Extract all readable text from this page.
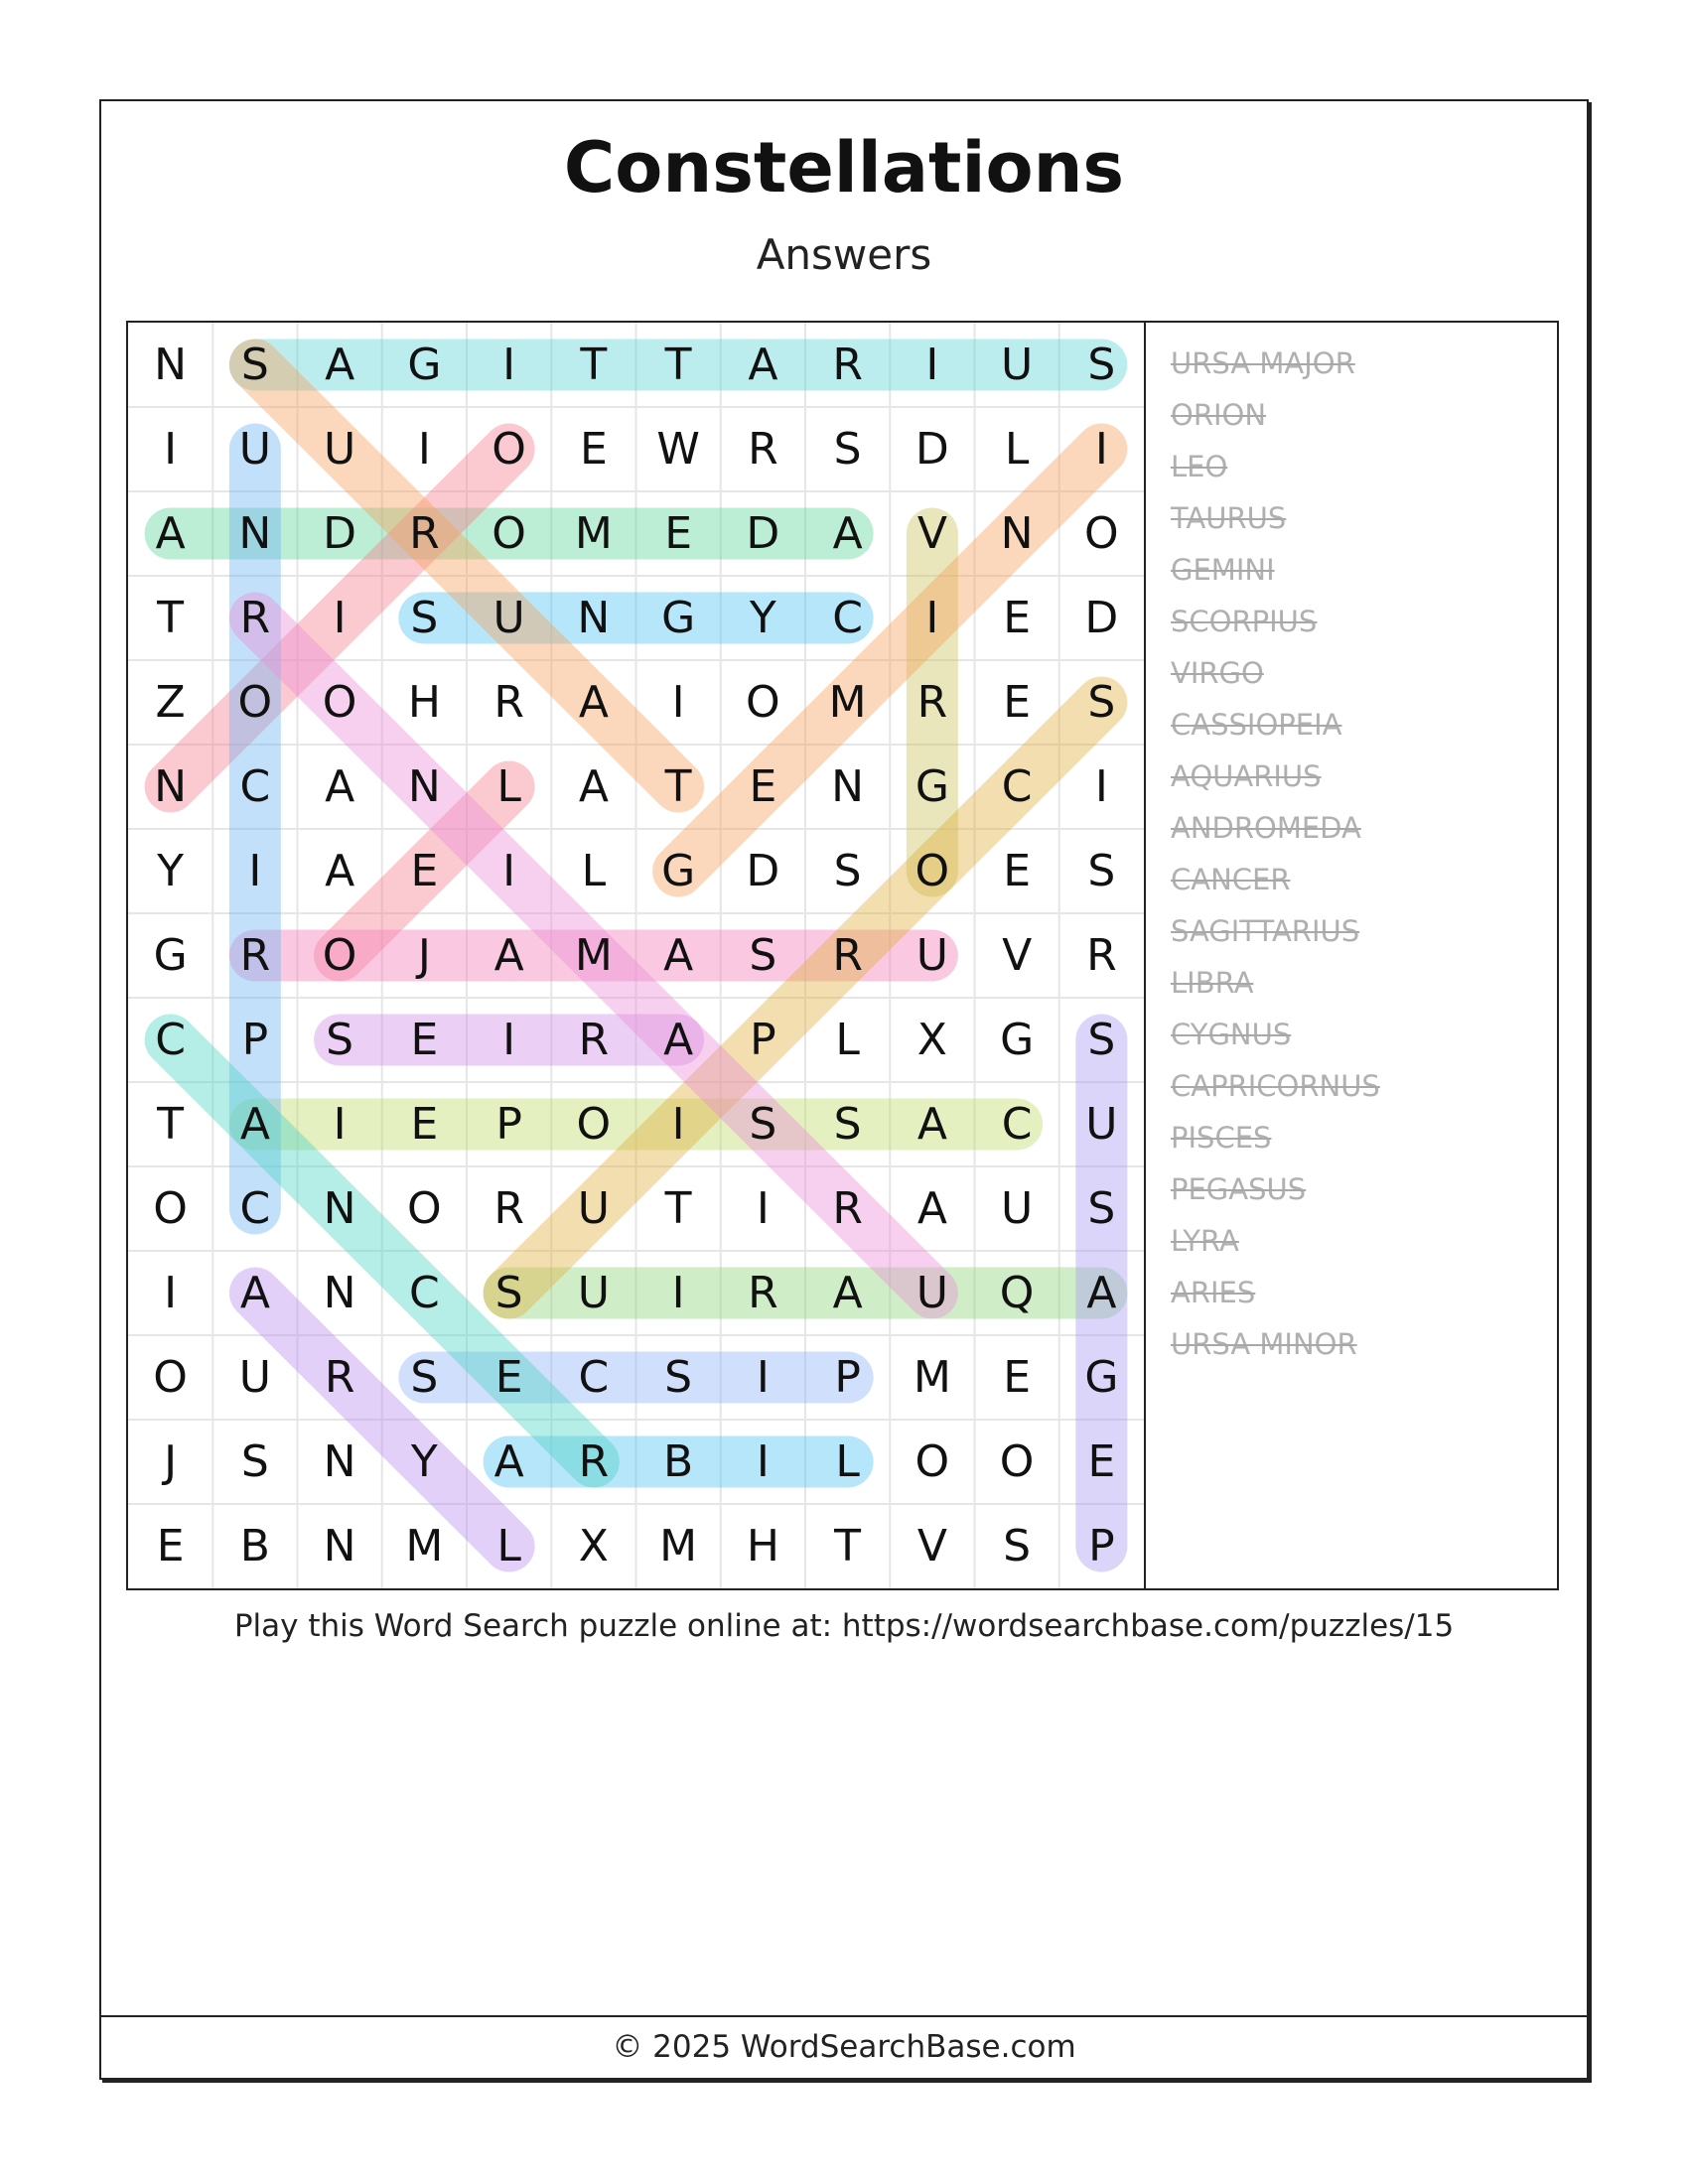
Constellations
Answers
N S A G I T T A R I U S
I U U I O E W R S D L I
A N D R O M E D A V N O
T R I S U N G Y C I E D
Z O O H R A I O M R E S
N C A N L A T E N G C I
Y I A E I L G D S O E S
G R O J A M A S R U V R
C P S E I R A P L X G S
T A I E P O I S S A C U
O C N O R U T I R A U S
I A N C S U I R A U Q A
O U R S E C S I P M E G
J S N Y A R B I L O O E
E B N M L X M H T V S P
URSA MAJOR
ORION
LEO
TAURUS
GEMINI
SCORPIUS
VIRGO
CASSIOPEIA
AQUARIUS
ANDROMEDA
CANCER
SAGITTARIUS
LIBRA
CYGNUS
CAPRICORNUS
PISCES
PEGASUS
LYRA
ARIES
URSA MINOR
Play this Word Search puzzle online at: https://wordsearchbase.com/puzzles/15
© 2025 WordSearchBase.com
